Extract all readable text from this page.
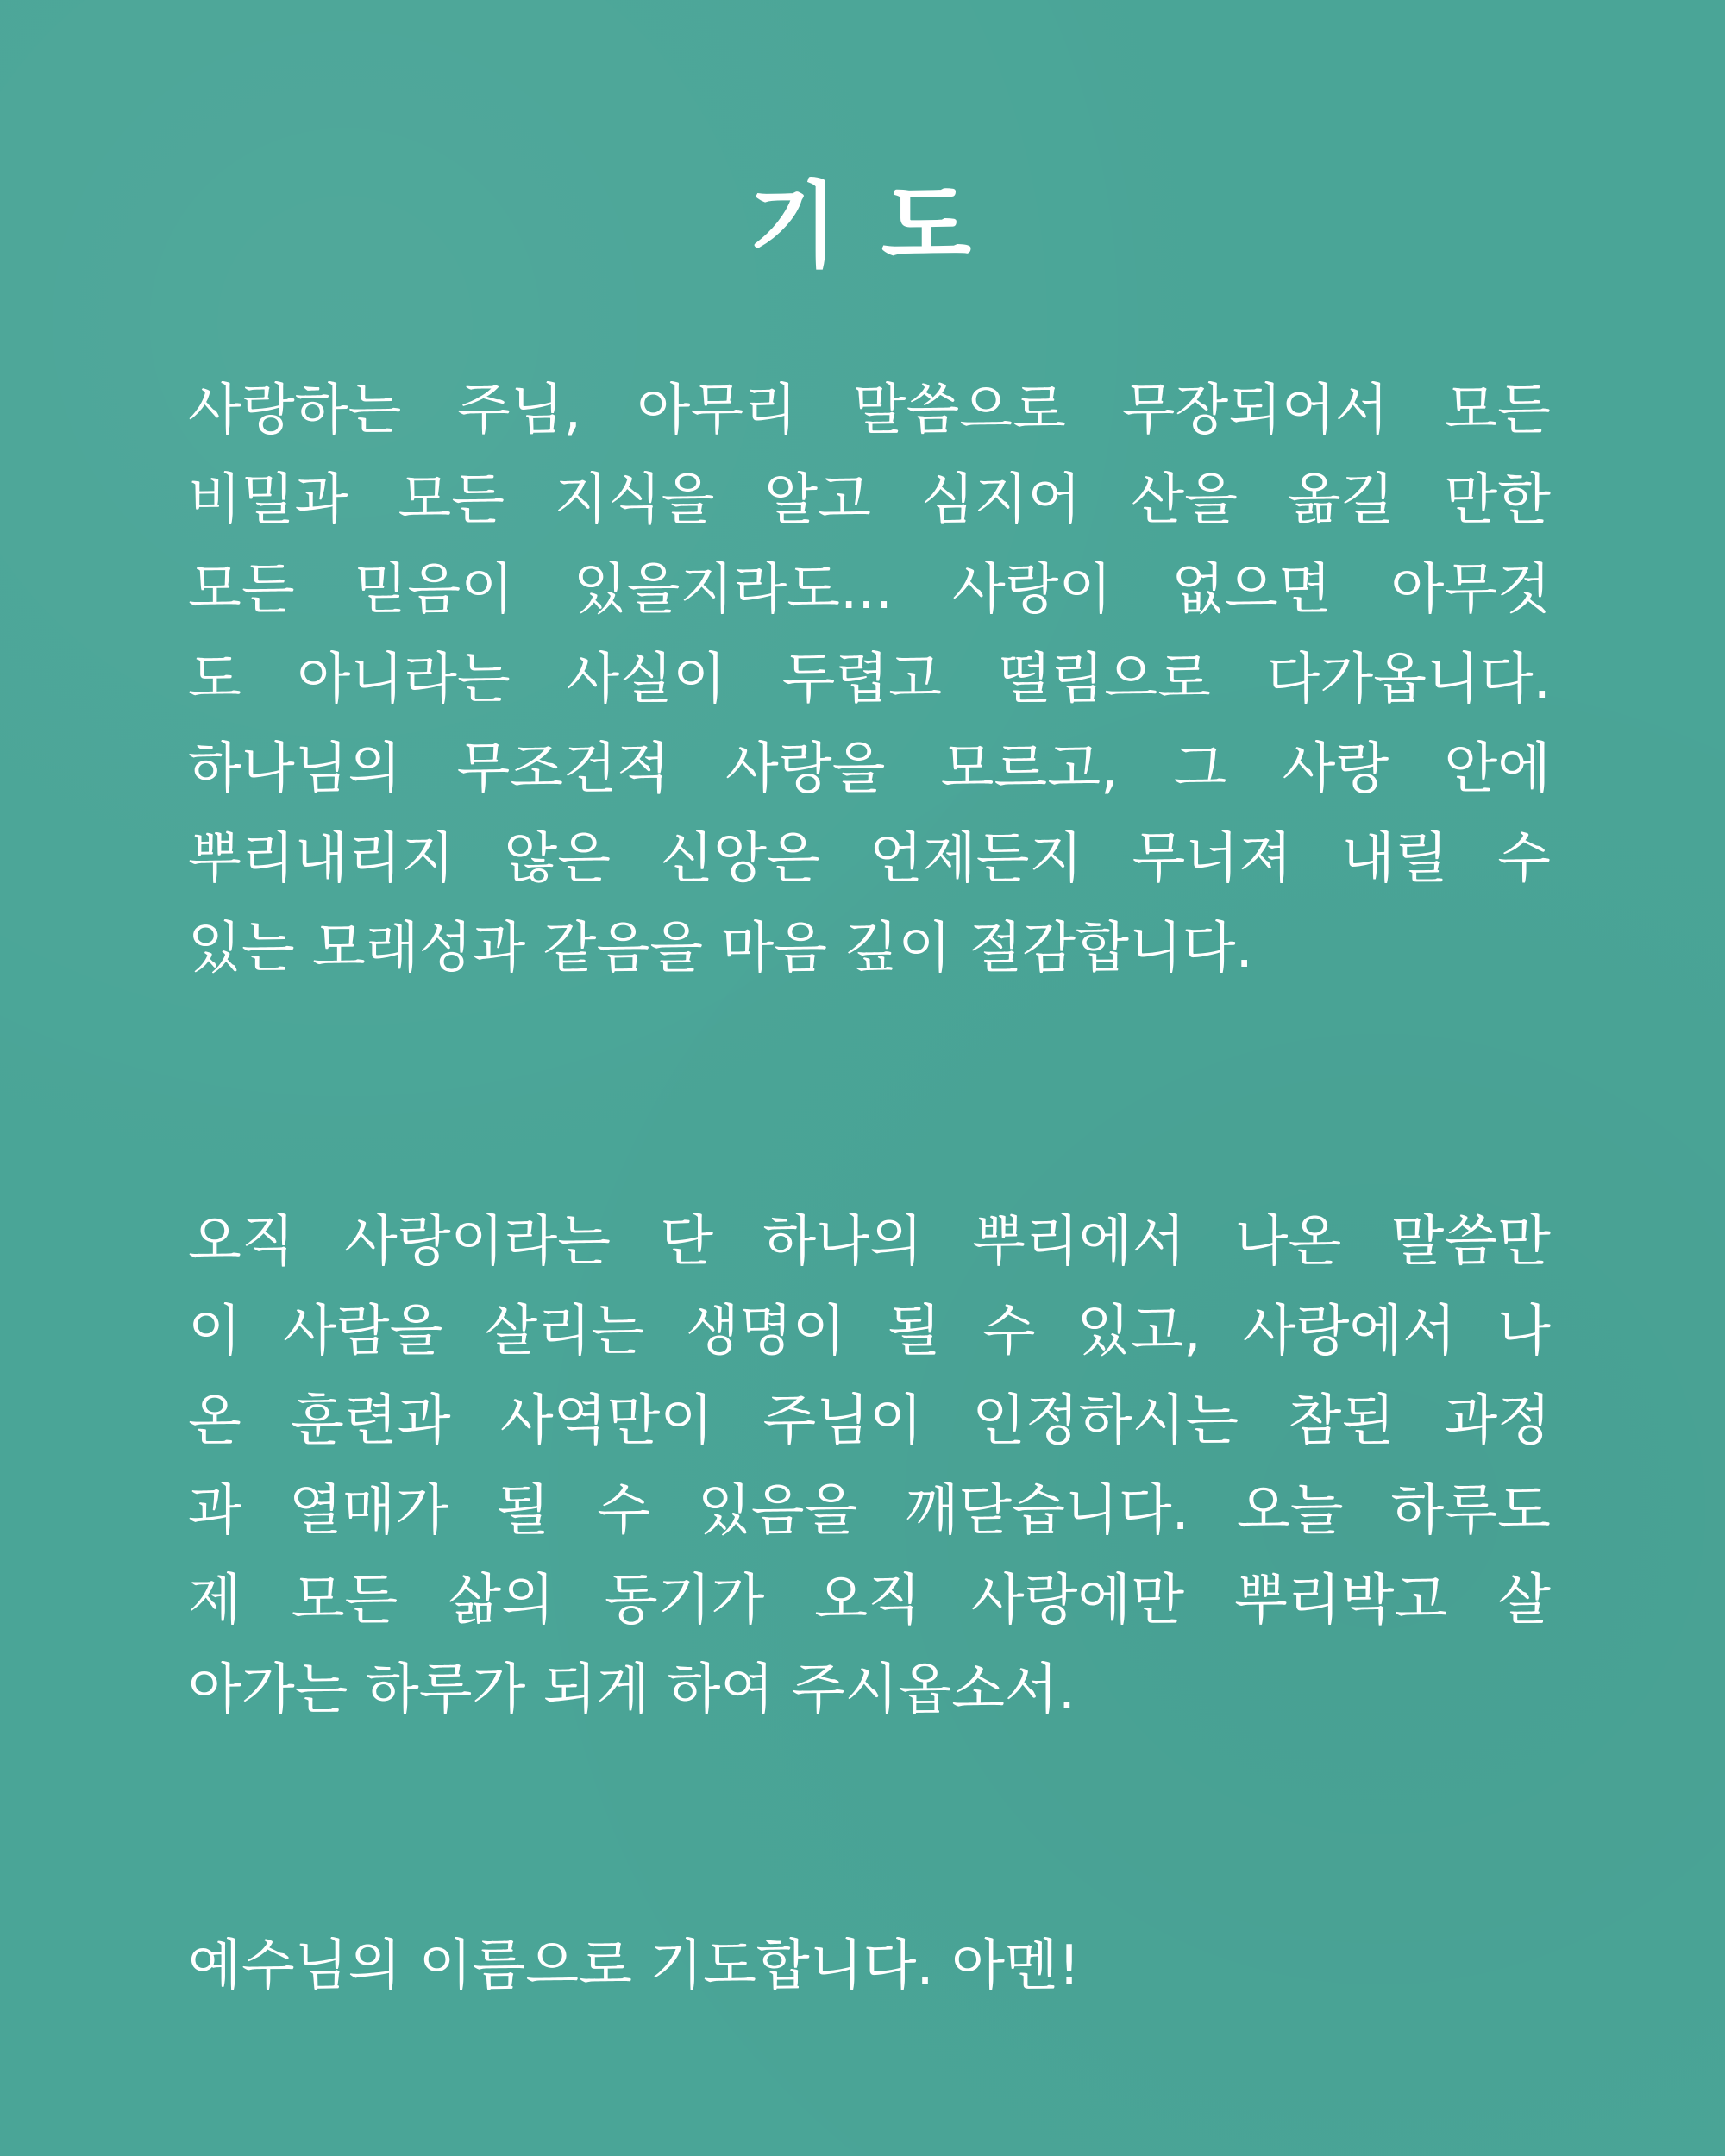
기 도
사랑하는 주님, 아무리 말씀으로 무장되어서 모든
비밀과 모든 지식을 알고 심지어 산을 옮길 만한
모든 믿음이 있을지라도... 사랑이 없으면 아무것
도 아니라는 사실이 두렵고 떨림으로 다가옵니다.
하나님의 무조건적 사랑을 모르고, 그 사랑 안에
뿌리내리지 않은 신앙은 언제든지 무너져 내릴 수
있는 모래성과 같음을 마음 깊이 절감합니다.
오직 사랑이라는 단 하나의 뿌리에서 나온 말씀만
이 사람을 살리는 생명이 될 수 있고, 사랑에서 나
온 훈련과 사역만이 주님이 인정하시는 참된 과정
과 열매가 될 수 있음을 깨닫습니다. 오늘 하루도
제 모든 삶의 동기가 오직 사랑에만 뿌리박고 살
아가는 하루가 되게 하여 주시옵소서.
예수님의 이름으로 기도합니다. 아멘!
